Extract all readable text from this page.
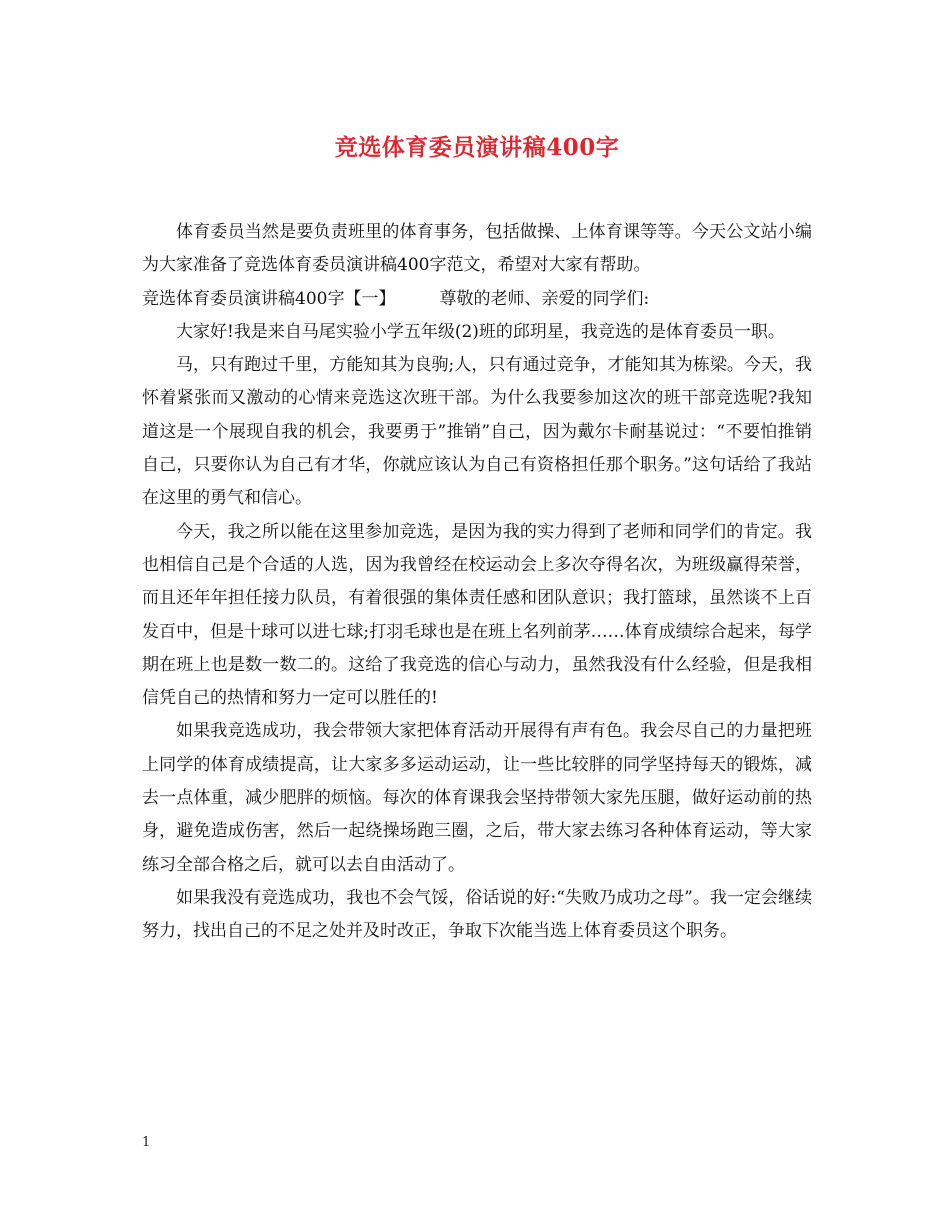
竞选体育委员演讲稿400字

体育委员当然是要负责班里的体育事务，包括做操、上体育课等等。今天公文站小编为大家准备了竞选体育委员演讲稿400字范文，希望对大家有帮助。

竞选体育委员演讲稿400字【一】	尊敬的老师、亲爱的同学们:

大家好!我是来自马尾实验小学五年级(2)班的邱玥星，我竞选的是体育委员一职。

马，只有跑过千里，方能知其为良驹;人，只有通过竞争，才能知其为栋梁。今天，我怀着紧张而又激动的心情来竞选这次班干部。为什么我要参加这次的班干部竞选呢?我知道这是一个展现自我的机会，我要勇于”推销”自己，因为戴尔卡耐基说过：“不要怕推销自己，只要你认为自己有才华，你就应该认为自己有资格担任那个职务。”这句话给了我站在这里的勇气和信心。

今天，我之所以能在这里参加竞选，是因为我的实力得到了老师和同学们的肯定。我也相信自己是个合适的人选，因为我曾经在校运动会上多次夺得名次，为班级赢得荣誉，而且还年年担任接力队员，有着很强的集体责任感和团队意识；我打篮球，虽然谈不上百发百中，但是十球可以进七球;打羽毛球也是在班上名列前茅……体育成绩综合起来，每学期在班上也是数一数二的。这给了我竞选的信心与动力，虽然我没有什么经验，但是我相信凭自己的热情和努力一定可以胜任的!

如果我竞选成功，我会带领大家把体育活动开展得有声有色。我会尽自己的力量把班上同学的体育成绩提高，让大家多多运动运动，让一些比较胖的同学坚持每天的锻炼，减去一点体重，减少肥胖的烦恼。每次的体育课我会坚持带领大家先压腿，做好运动前的热身，避免造成伤害，然后一起绕操场跑三圈，之后，带大家去练习各种体育运动，等大家练习全部合格之后，就可以去自由活动了。

如果我没有竞选成功，我也不会气馁，俗话说的好:“失败乃成功之母”。我一定会继续努力，找出自己的不足之处并及时改正，争取下次能当选上体育委员这个职务。

1
